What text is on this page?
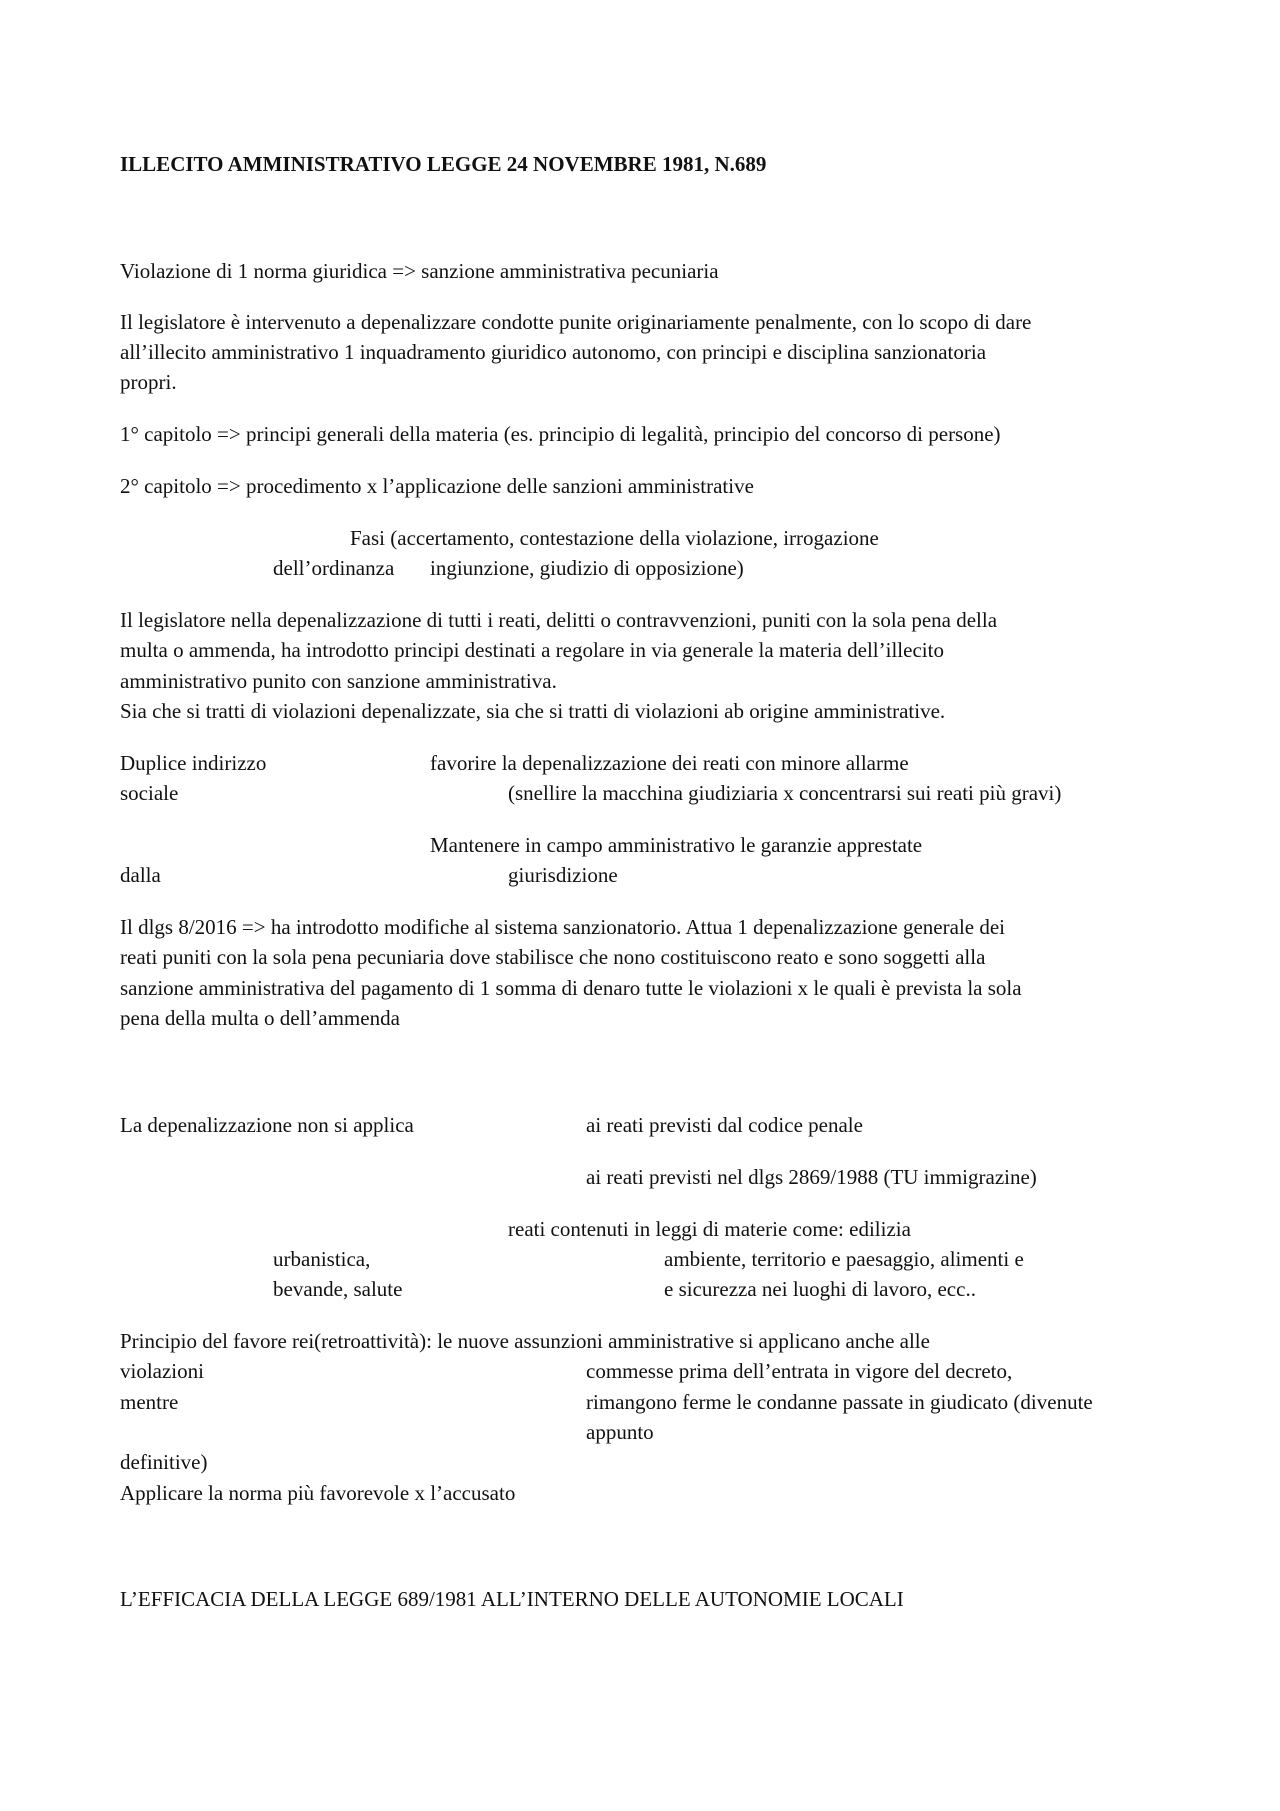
ILLECITO AMMINISTRATIVO LEGGE 24 NOVEMBRE 1981, N.689
Violazione di 1 norma giuridica => sanzione amministrativa pecuniaria
Il legislatore è intervenuto a depenalizzare condotte punite originariamente penalmente, con lo scopo di dare
all’illecito amministrativo 1 inquadramento giuridico autonomo, con principi e disciplina sanzionatoria
propri.
1° capitolo => principi generali della materia (es. principio di legalità, principio del concorso di persone)
2° capitolo => procedimento x l’applicazione delle sanzioni amministrative
Fasi (accertamento, contestazione della violazione, irrogazione
dell’ordinanza ingiunzione, giudizio di opposizione)
Il legislatore nella depenalizzazione di tutti i reati, delitti o contravvenzioni, puniti con la sola pena della
multa o ammenda, ha introdotto principi destinati a regolare in via generale la materia dell’illecito
amministrativo punito con sanzione amministrativa.
Sia che si tratti di violazioni depenalizzate, sia che si tratti di violazioni ab origine amministrative.
Duplice indirizzo	favorire la depenalizzazione dei reati con minore allarme
sociale	(snellire la macchina giudiziaria x concentrarsi sui reati più gravi)
Mantenere in campo amministrativo le garanzie apprestate
dalla	giurisdizione
Il dlgs 8/2016 => ha introdotto modifiche al sistema sanzionatorio. Attua 1 depenalizzazione generale dei
reati puniti con la sola pena pecuniaria dove stabilisce che nono costituiscono reato e sono soggetti alla
sanzione amministrativa del pagamento di 1 somma di denaro tutte le violazioni x le quali è prevista la sola
pena della multa o dell’ammenda
La depenalizzazione non si applica	ai reati previsti dal codice penale
ai reati previsti nel dlgs 2869/1988 (TU immigrazine)
reati contenuti in leggi di materie come: edilizia
urbanistica,	ambiente, territorio e paesaggio, alimenti e
bevande, salute	e sicurezza nei luoghi di lavoro, ecc..
Principio del favore rei(retroattività): le nuove assunzioni amministrative si applicano anche alle
violazioni	commesse prima dell’entrata in vigore del decreto,
mentre	rimangono ferme le condanne passate in giudicato (divenute
appunto
definitive)
Applicare la norma più favorevole x l’accusato
L’EFFICACIA DELLA LEGGE 689/1981 ALL’INTERNO DELLE AUTONOMIE LOCALI
